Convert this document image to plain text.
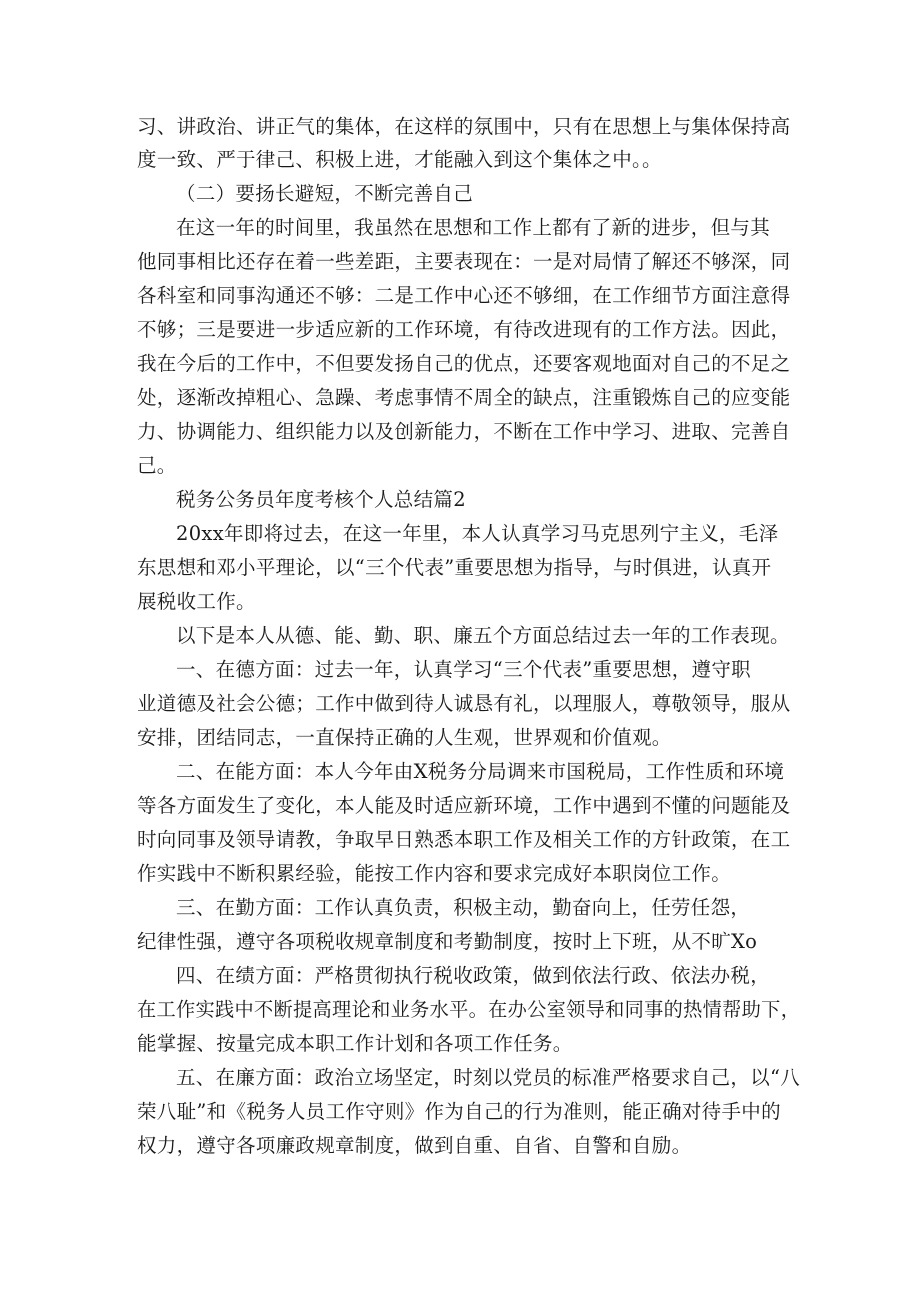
习、讲政治、讲正气的集体，在这样的氛围中，只有在思想上与集体保持高
度一致、严于律己、积极上进，才能融入到这个集体之中。。
（二）要扬长避短，不断完善自己
在这一年的时间里，我虽然在思想和工作上都有了新的进步，但与其
他同事相比还存在着一些差距，主要表现在：一是对局情了解还不够深，同
各科室和同事沟通还不够：二是工作中心还不够细，在工作细节方面注意得
不够；三是要进一步适应新的工作环境，有待改进现有的工作方法。因此，
我在今后的工作中，不但要发扬自己的优点，还要客观地面对自己的不足之
处，逐渐改掉粗心、急躁、考虑事情不周全的缺点，注重锻炼自己的应变能
力、协调能力、组织能力以及创新能力，不断在工作中学习、进取、完善自
己。
税务公务员年度考核个人总结篇2
20xx年即将过去，在这一年里，本人认真学习马克思列宁主义，毛泽
东思想和邓小平理论，以“三个代表”重要思想为指导，与时俱进，认真开
展税收工作。
以下是本人从德、能、勤、职、廉五个方面总结过去一年的工作表现。
一、在德方面：过去一年，认真学习“三个代表”重要思想，遵守职
业道德及社会公德；工作中做到待人诚恳有礼，以理服人，尊敬领导，服从
安排，团结同志，一直保持正确的人生观，世界观和价值观。
二、在能方面：本人今年由X税务分局调来市国税局，工作性质和环境
等各方面发生了变化，本人能及时适应新环境，工作中遇到不懂的问题能及
时向同事及领导请教，争取早日熟悉本职工作及相关工作的方针政策，在工
作实践中不断积累经验，能按工作内容和要求完成好本职岗位工作。
三、在勤方面：工作认真负责，积极主动，勤奋向上，任劳任怨，
纪律性强，遵守各项税收规章制度和考勤制度，按时上下班，从不旷Xo
四、在绩方面：严格贯彻执行税收政策，做到依法行政、依法办税，
在工作实践中不断提高理论和业务水平。在办公室领导和同事的热情帮助下，
能掌握、按量完成本职工作计划和各项工作任务。
五、在廉方面：政治立场坚定，时刻以党员的标准严格要求自己，以“八
荣八耻”和《税务人员工作守则》作为自己的行为准则，能正确对待手中的
权力，遵守各项廉政规章制度，做到自重、自省、自警和自励。
